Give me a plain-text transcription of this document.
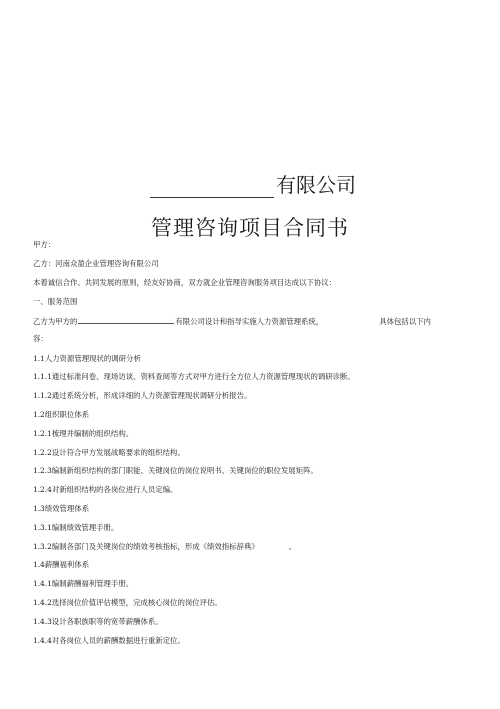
有限公司
管理咨询项目合同书
甲方：
乙方：河南众盈企业管理咨询有限公司
本着诚信合作、共同发展的原则，经友好协商，双方就企业管理咨询服务项目达成以下协议：
一、服务范围
乙方为甲方的	有限公司设计和指导实施人力资源管理系统，	具体包括以下内
容：
1.1人力资源管理现状的调研分析
1.1.1通过标准问卷、现场访谈、资料查阅等方式对甲方进行全方位人力资源管理现状的调研诊断。
1.1.2通过系统分析，形成详细的人力资源管理现状调研分析报告。
1.2组织职位体系
1.2.1梳理并编制的组织结构。
1.2.2设计符合甲方发展战略要求的组织结构。
1.2.3编制新组织结构的部门职能、关键岗位的岗位说明书、关键岗位的职位发展矩阵。
1.2.4对新组织结构的各岗位进行人员定编。
1.3绩效管理体系
1.3.1编制绩效管理手册。
1.3.2编制各部门及关键岗位的绩效考核指标，形成《绩效指标辞典》	。
1.4薪酬福利体系
1.4.1编制薪酬福利管理手册。
1.4.2选择岗位价值评估模型，完成核心岗位的岗位评估。
1.4.3设计各职族职等的宽带薪酬体系。
1.4.4对各岗位人员的薪酬数据进行重新定位。
